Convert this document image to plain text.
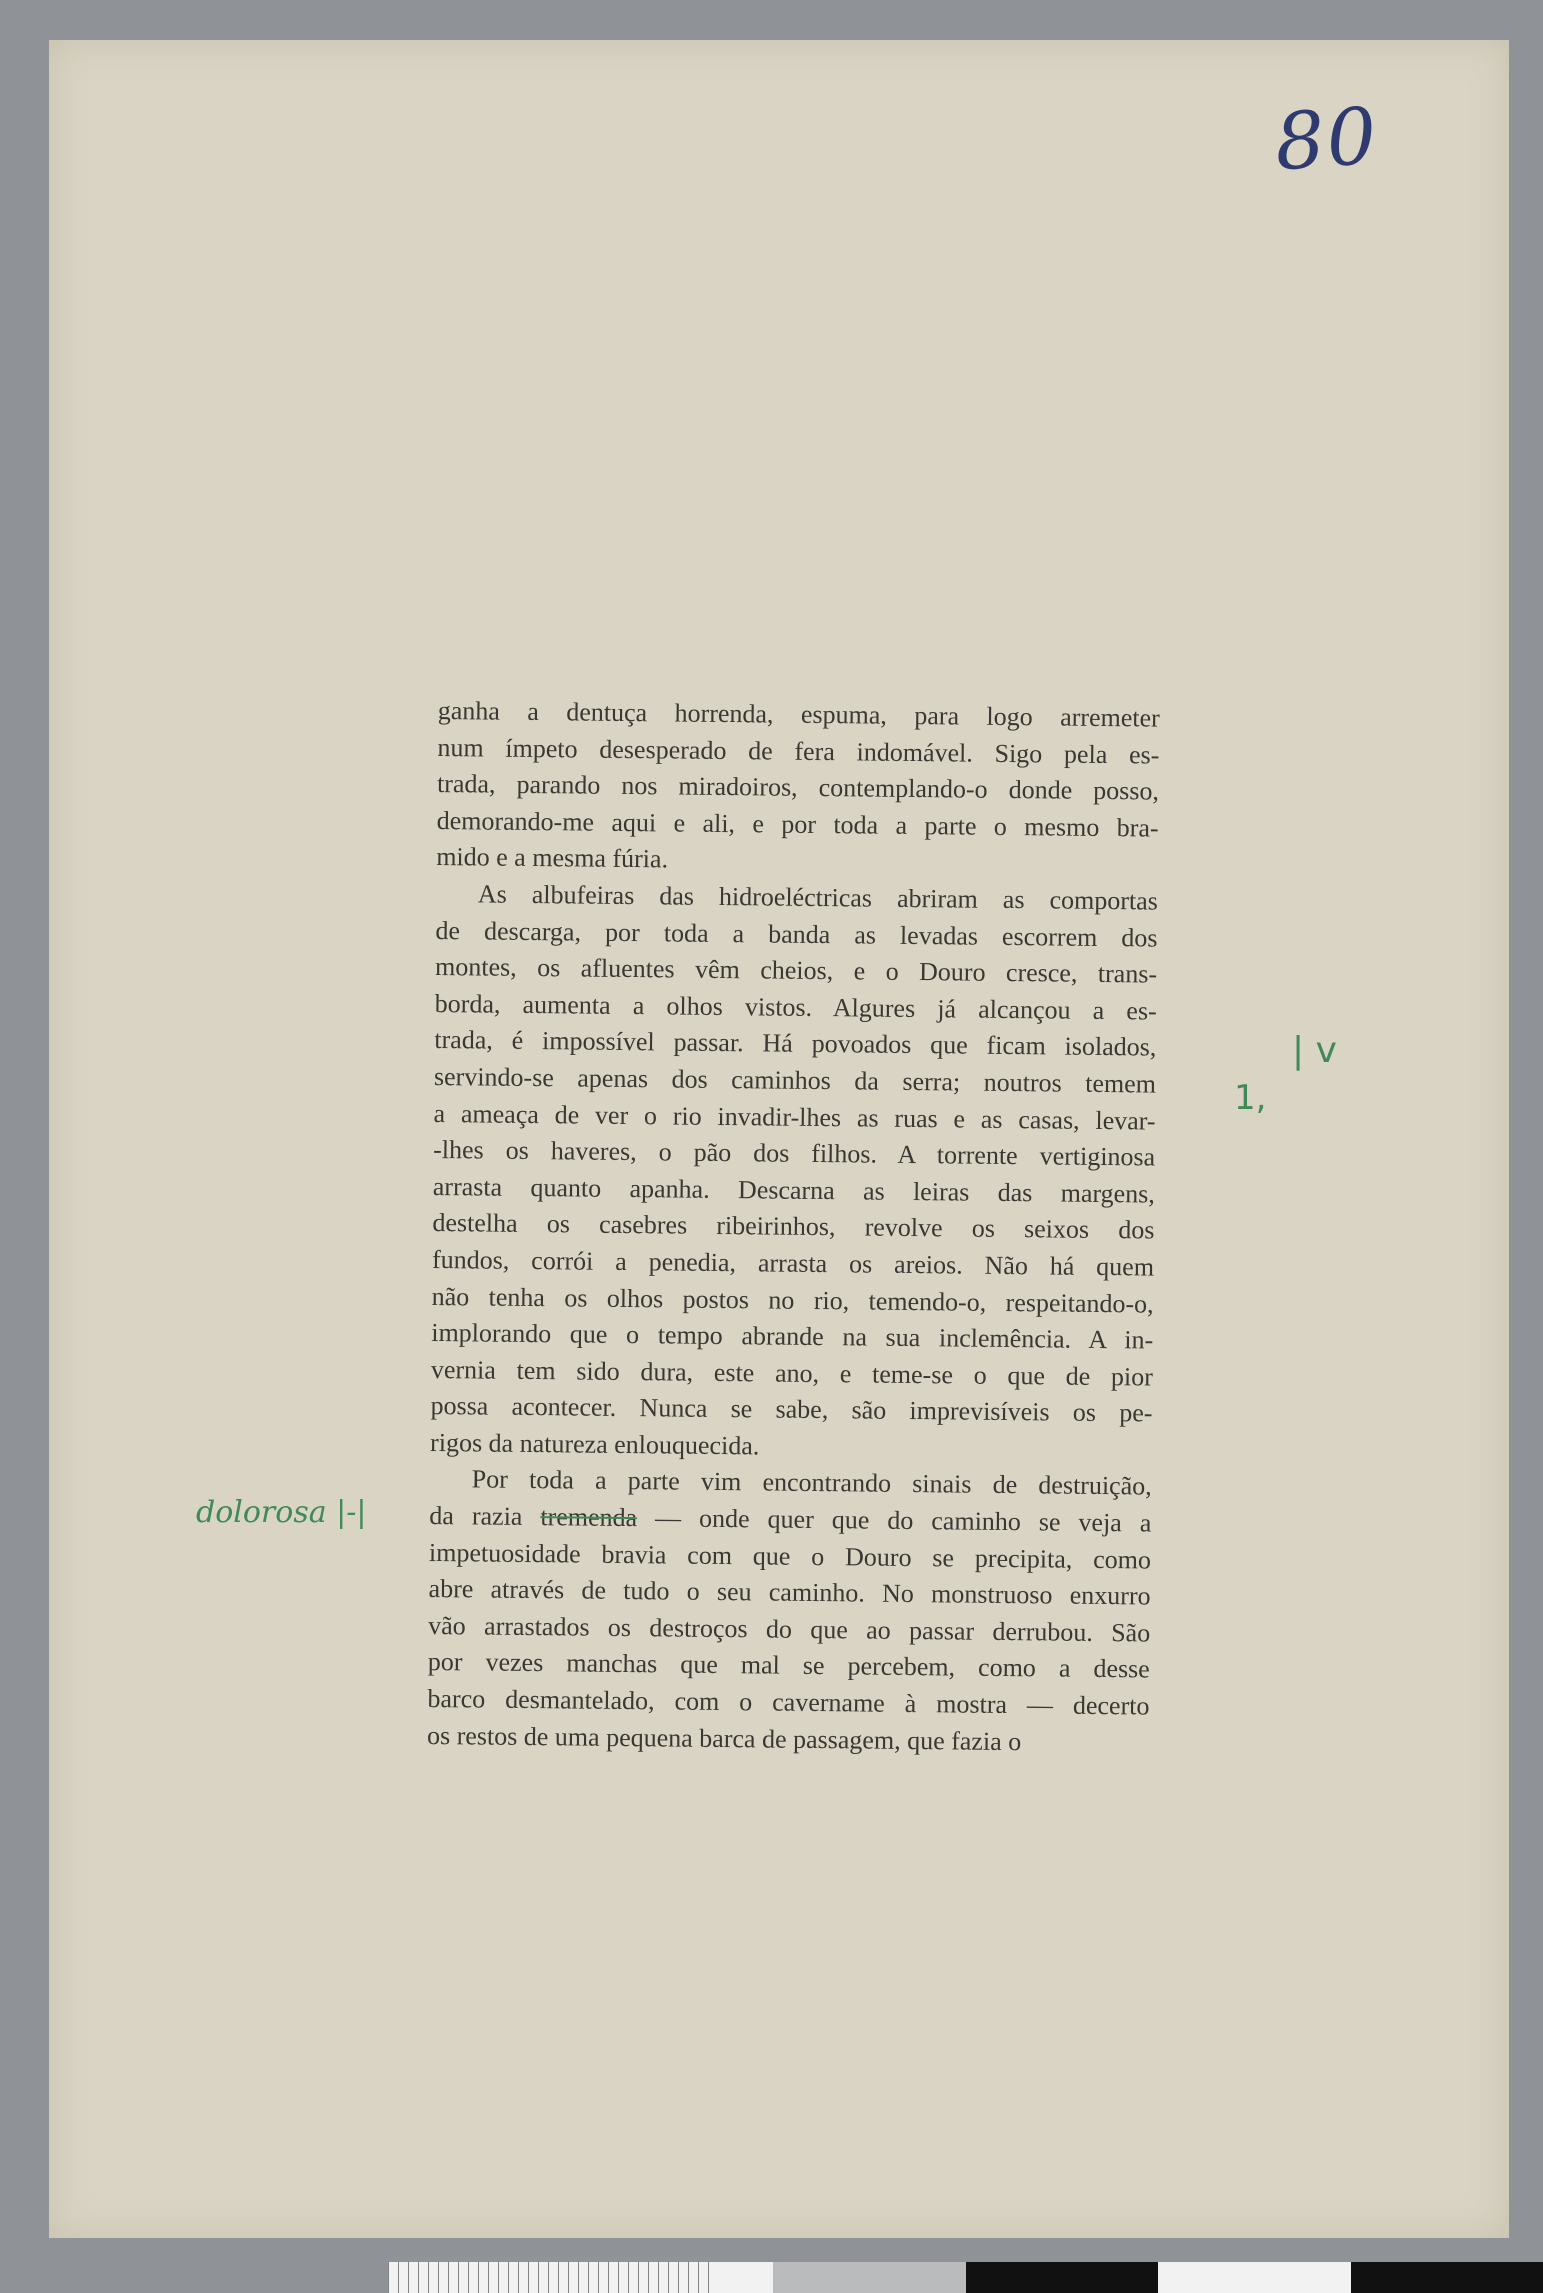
80

ganha a dentuça horrenda, espuma, para logo arremeter
num ímpeto desesperado de fera indomável. Sigo pela es-
trada, parando nos miradoiros, contemplando-o donde posso,
demorando-me aqui e ali, e por toda a parte o mesmo bra-
mido e a mesma fúria.

As albufeiras das hidroeléctricas abriram as comportas
de descarga, por toda a banda as levadas escorrem dos
montes, os afluentes vêm cheios, e o Douro cresce, trans-
borda, aumenta a olhos vistos. Algures já alcançou a es-
trada, é impossível passar. Há povoados que ficam isolados,
servindo-se apenas dos caminhos da serra; noutros temem
a ameaça de ver o rio invadir-lhes as ruas e as casas, levar-
-lhes os haveres, o pão dos filhos. A torrente vertiginosa
arrasta quanto apanha. Descarna as leiras das margens,
destelha os casebres ribeirinhos, revolve os seixos dos
fundos, corrói a penedia, arrasta os areios. Não há quem
não tenha os olhos postos no rio, temendo-o, respeitando-o,
implorando que o tempo abrande na sua inclemência. A in-
vernia tem sido dura, este ano, e teme-se o que de pior
possa acontecer. Nunca se sabe, são imprevisíveis os pe-
rigos da natureza enlouquecida.

Por toda a parte vim encontrando sinais de destruição,
da razia tremenda — onde quer que do caminho se veja a
impetuosidade bravia com que o Douro se precipita, como
abre através de tudo o seu caminho. No monstruoso enxurro
vão arrastados os destroços do que ao passar derrubou. São
por vezes manchas que mal se percebem, como a desse
barco desmantelado, com o cavername à mostra — decerto
os restos de uma pequena barca de passagem, que fazia o

dolorosa |-|
| v
1,
